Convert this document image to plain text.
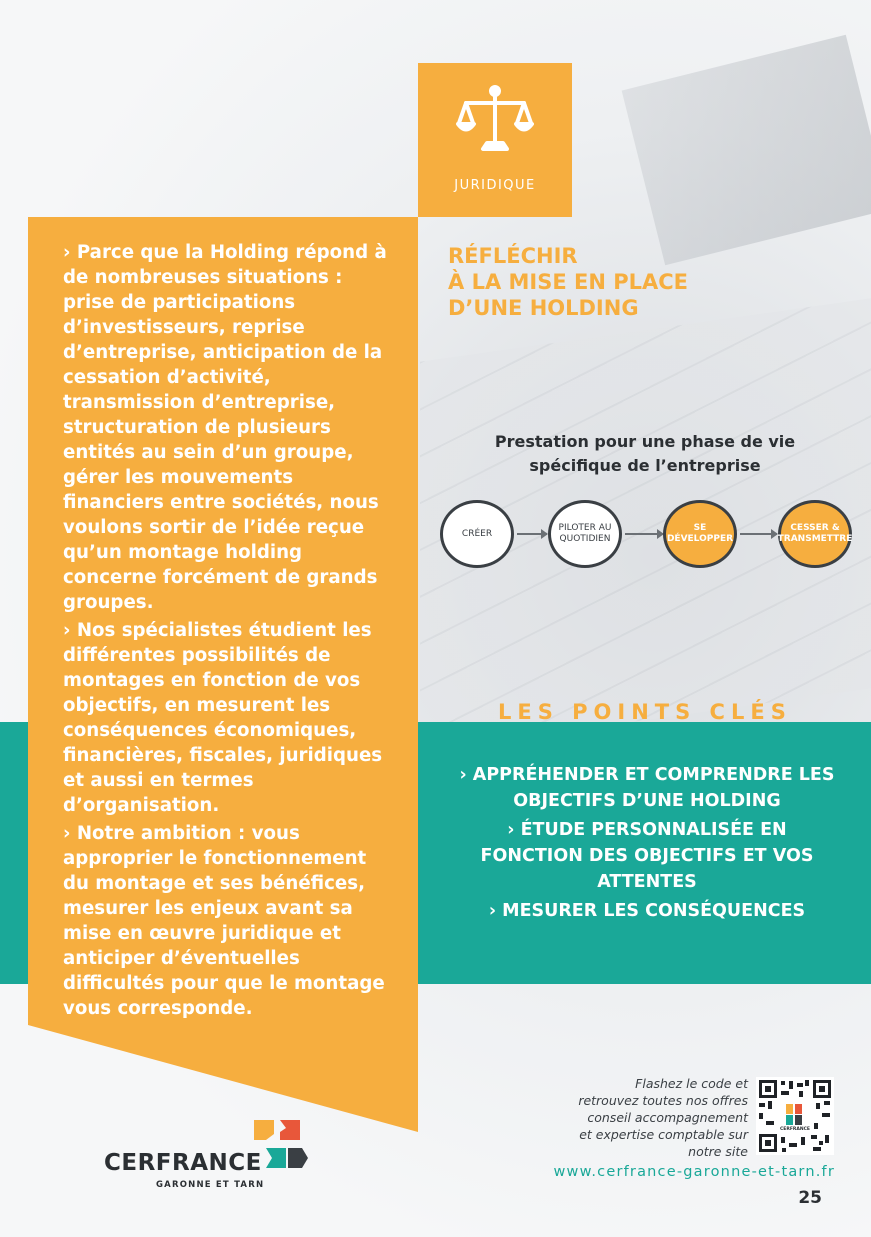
› Parce que la Holding répond à de nombreuses situations : prise de participations d’investisseurs, reprise d’entreprise, anticipation de la cessation d’activité, transmission d’entreprise, structuration de plusieurs entités au sein d’un groupe, gérer les mouvements financiers entre sociétés, nous voulons sortir de l’idée reçue qu’un montage holding concerne forcément de grands groupes.

› Nos spécialistes étudient les différentes possibilités de montages en fonction de vos objectifs, en mesurent les conséquences économiques, financières, fiscales, juridiques et aussi en termes d’organisation.

› Notre ambition : vous approprier le fonctionnement du montage et ses bénéfices, mesurer les enjeux avant sa mise en œuvre juridique et anticiper d’éventuelles difficultés pour que le montage vous corresponde.

JURIDIQUE
RÉFLÉCHIR
À LA MISE EN PLACE
D’UNE HOLDING
Prestation pour une phase de vie
spécifique de l’entreprise
CRÉER
PILOTER AU
QUOTIDIEN
SE
DÉVELOPPER
CESSER &
TRANSMETTRE
LES POINTS CLÉS

› APPRÉHENDER ET COMPRENDRE LES OBJECTIFS D’UNE HOLDING

› ÉTUDE PERSONNALISÉE EN FONCTION DES OBJECTIFS ET VOS ATTENTES

› MESURER LES CONSÉQUENCES

Flashez le code et
retrouvez toutes nos offres
conseil accompagnement
et expertise comptable sur
notre site
CERFRANCE
www.cerfrance-garonne-et-tarn.fr
25
CERFRANCE
GARONNE ET TARN
